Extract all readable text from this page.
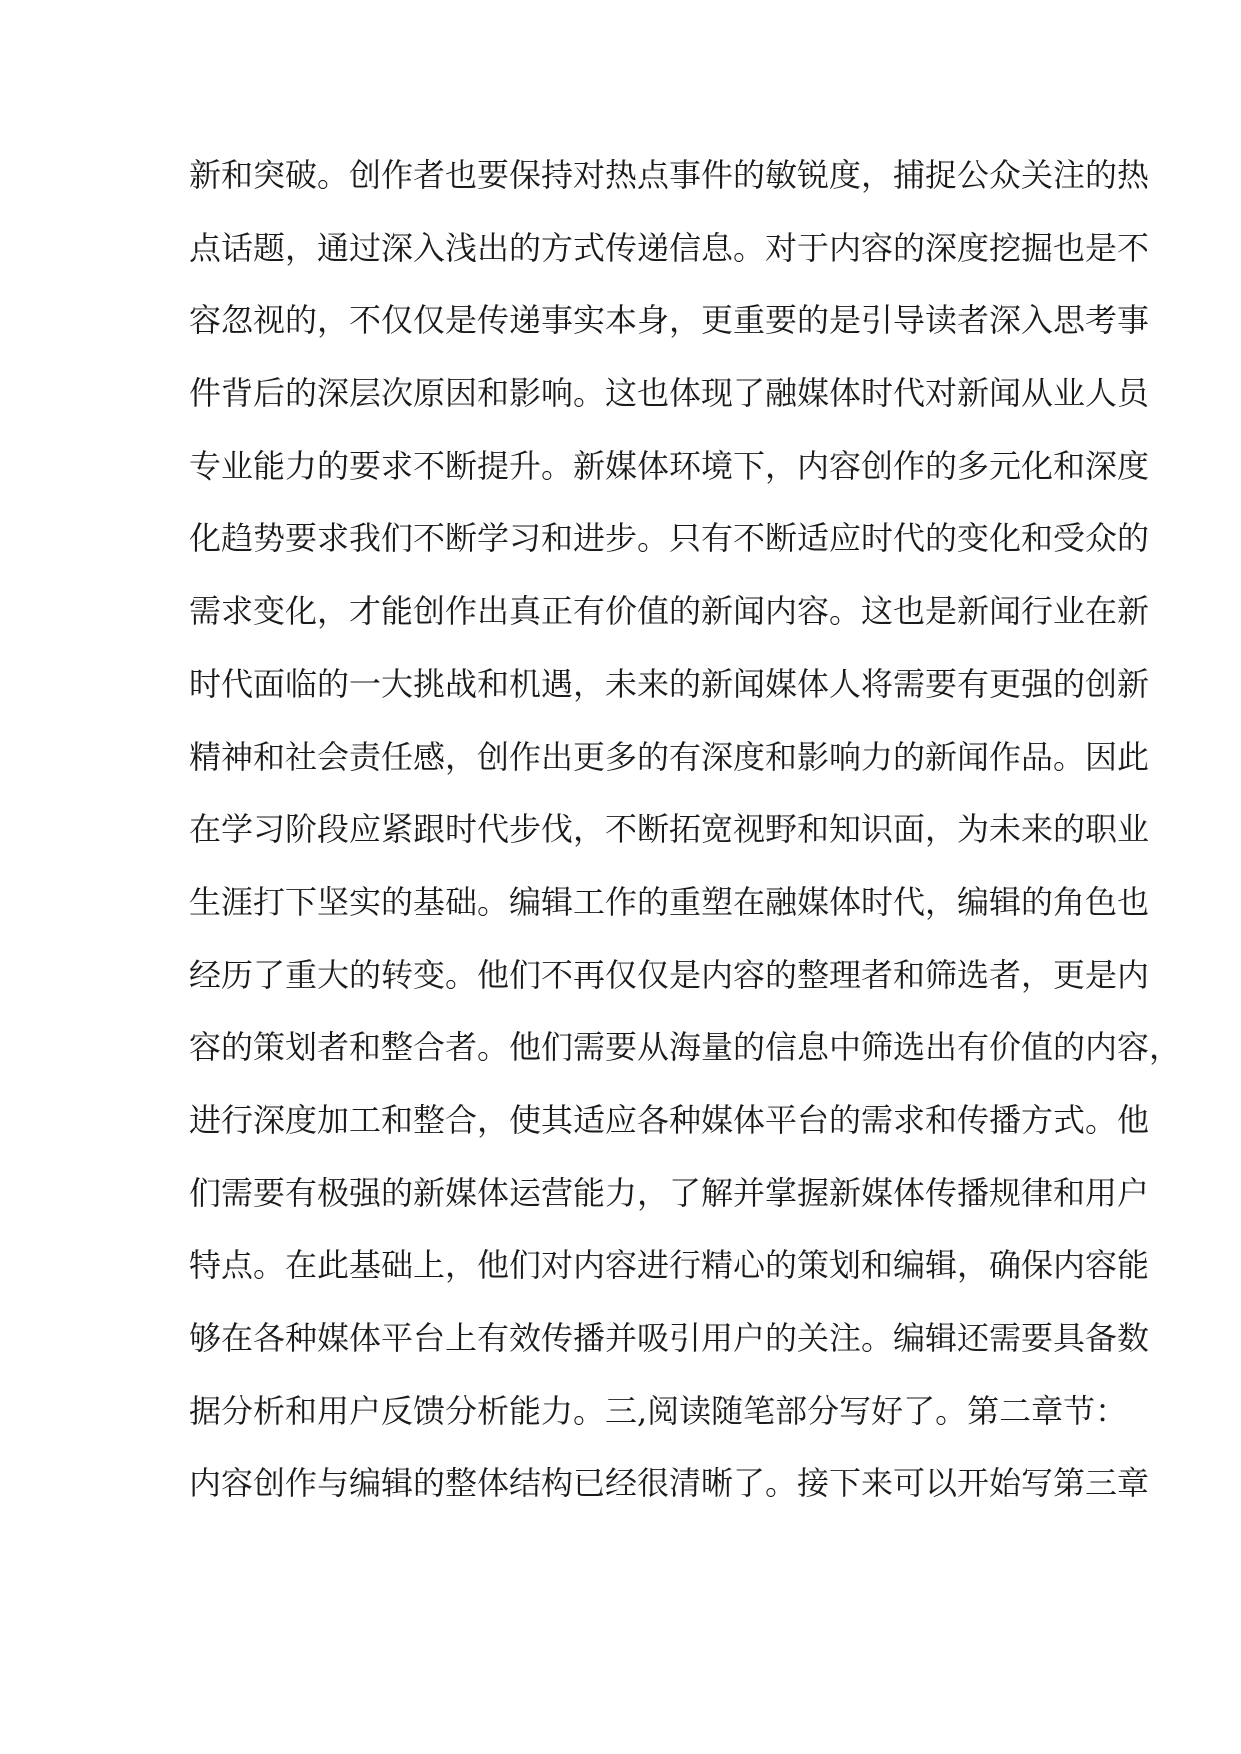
新和突破。创作者也要保持对热点事件的敏锐度，捕捉公众关注的热
点话题，通过深入浅出的方式传递信息。对于内容的深度挖掘也是不
容忽视的，不仅仅是传递事实本身，更重要的是引导读者深入思考事
件背后的深层次原因和影响。这也体现了融媒体时代对新闻从业人员
专业能力的要求不断提升。新媒体环境下，内容创作的多元化和深度
化趋势要求我们不断学习和进步。只有不断适应时代的变化和受众的
需求变化，才能创作出真正有价值的新闻内容。这也是新闻行业在新
时代面临的一大挑战和机遇，未来的新闻媒体人将需要有更强的创新
精神和社会责任感，创作出更多的有深度和影响力的新闻作品。因此
在学习阶段应紧跟时代步伐，不断拓宽视野和知识面，为未来的职业
生涯打下坚实的基础。编辑工作的重塑在融媒体时代，编辑的角色也
经历了重大的转变。他们不再仅仅是内容的整理者和筛选者，更是内
容的策划者和整合者。他们需要从海量的信息中筛选出有价值的内容，
进行深度加工和整合，使其适应各种媒体平台的需求和传播方式。他
们需要有极强的新媒体运营能力，了解并掌握新媒体传播规律和用户
特点。在此基础上，他们对内容进行精心的策划和编辑，确保内容能
够在各种媒体平台上有效传播并吸引用户的关注。编辑还需要具备数
据分析和用户反馈分析能力。三,阅读随笔部分写好了。第二章节：
内容创作与编辑的整体结构已经很清晰了。接下来可以开始写第三章
